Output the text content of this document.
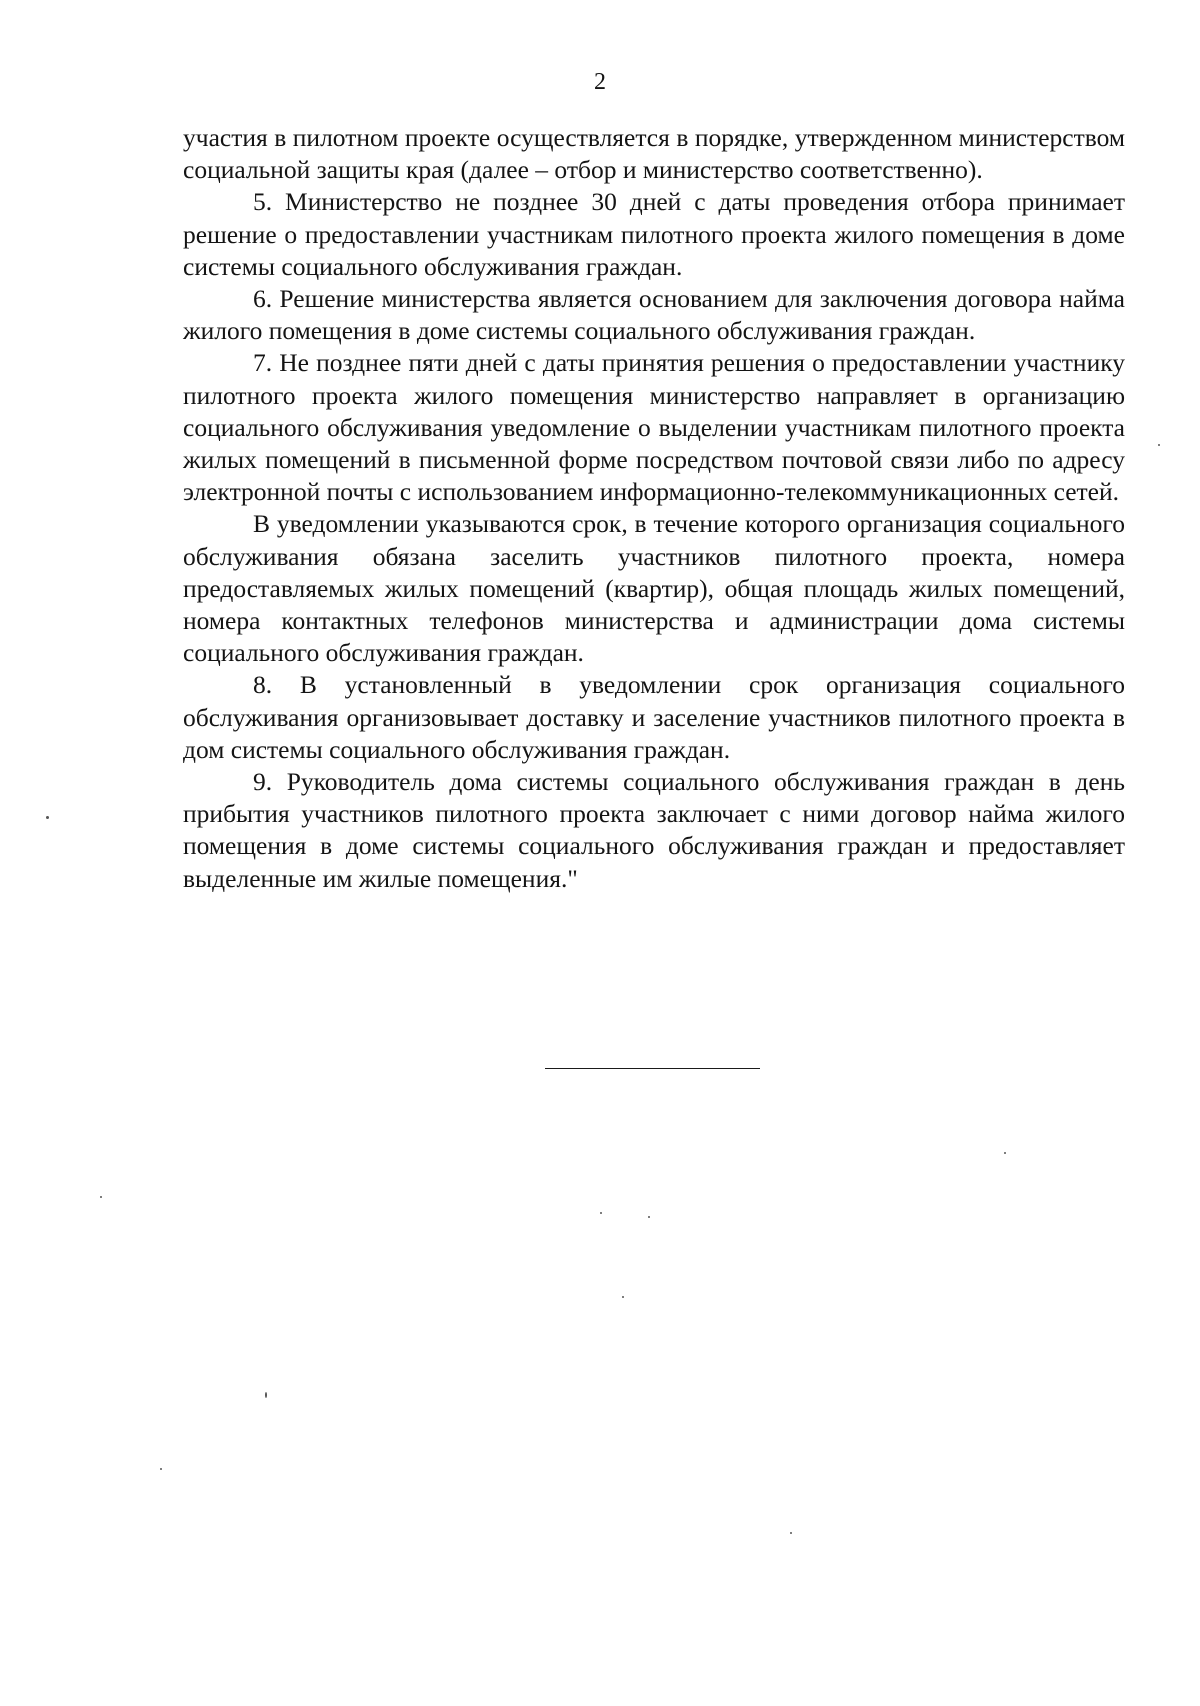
2

участия в пилотном проекте осуществляется в порядке, утвержденном министерством социальной защиты края (далее – отбор и министерство соответственно).

5. Министерство не позднее 30 дней с даты проведения отбора принимает решение о предоставлении участникам пилотного проекта жилого помещения в доме системы социального обслуживания граждан.

6. Решение министерства является основанием для заключения договора найма жилого помещения в доме системы социального обслуживания граждан.

7. Не позднее пяти дней с даты принятия решения о предоставлении участнику пилотного проекта жилого помещения министерство направляет в организацию социального обслуживания уведомление о выделении участникам пилотного проекта жилых помещений в письменной форме посредством почтовой связи либо по адресу электронной почты с использованием информационно-телекоммуникационных сетей.

В уведомлении указываются срок, в течение которого организация социального обслуживания обязана заселить участников пилотного проекта, номера предоставляемых жилых помещений (квартир), общая площадь жилых помещений, номера контактных телефонов министерства и администрации дома системы социального обслуживания граждан.

8. В установленный в уведомлении срок организация социального обслуживания организовывает доставку и заселение участников пилотного проекта в дом системы социального обслуживания граждан.

9. Руководитель дома системы социального обслуживания граждан в день прибытия участников пилотного проекта заключает с ними договор найма жилого помещения в доме системы социального обслуживания граждан и предоставляет выделенные им жилые помещения."
